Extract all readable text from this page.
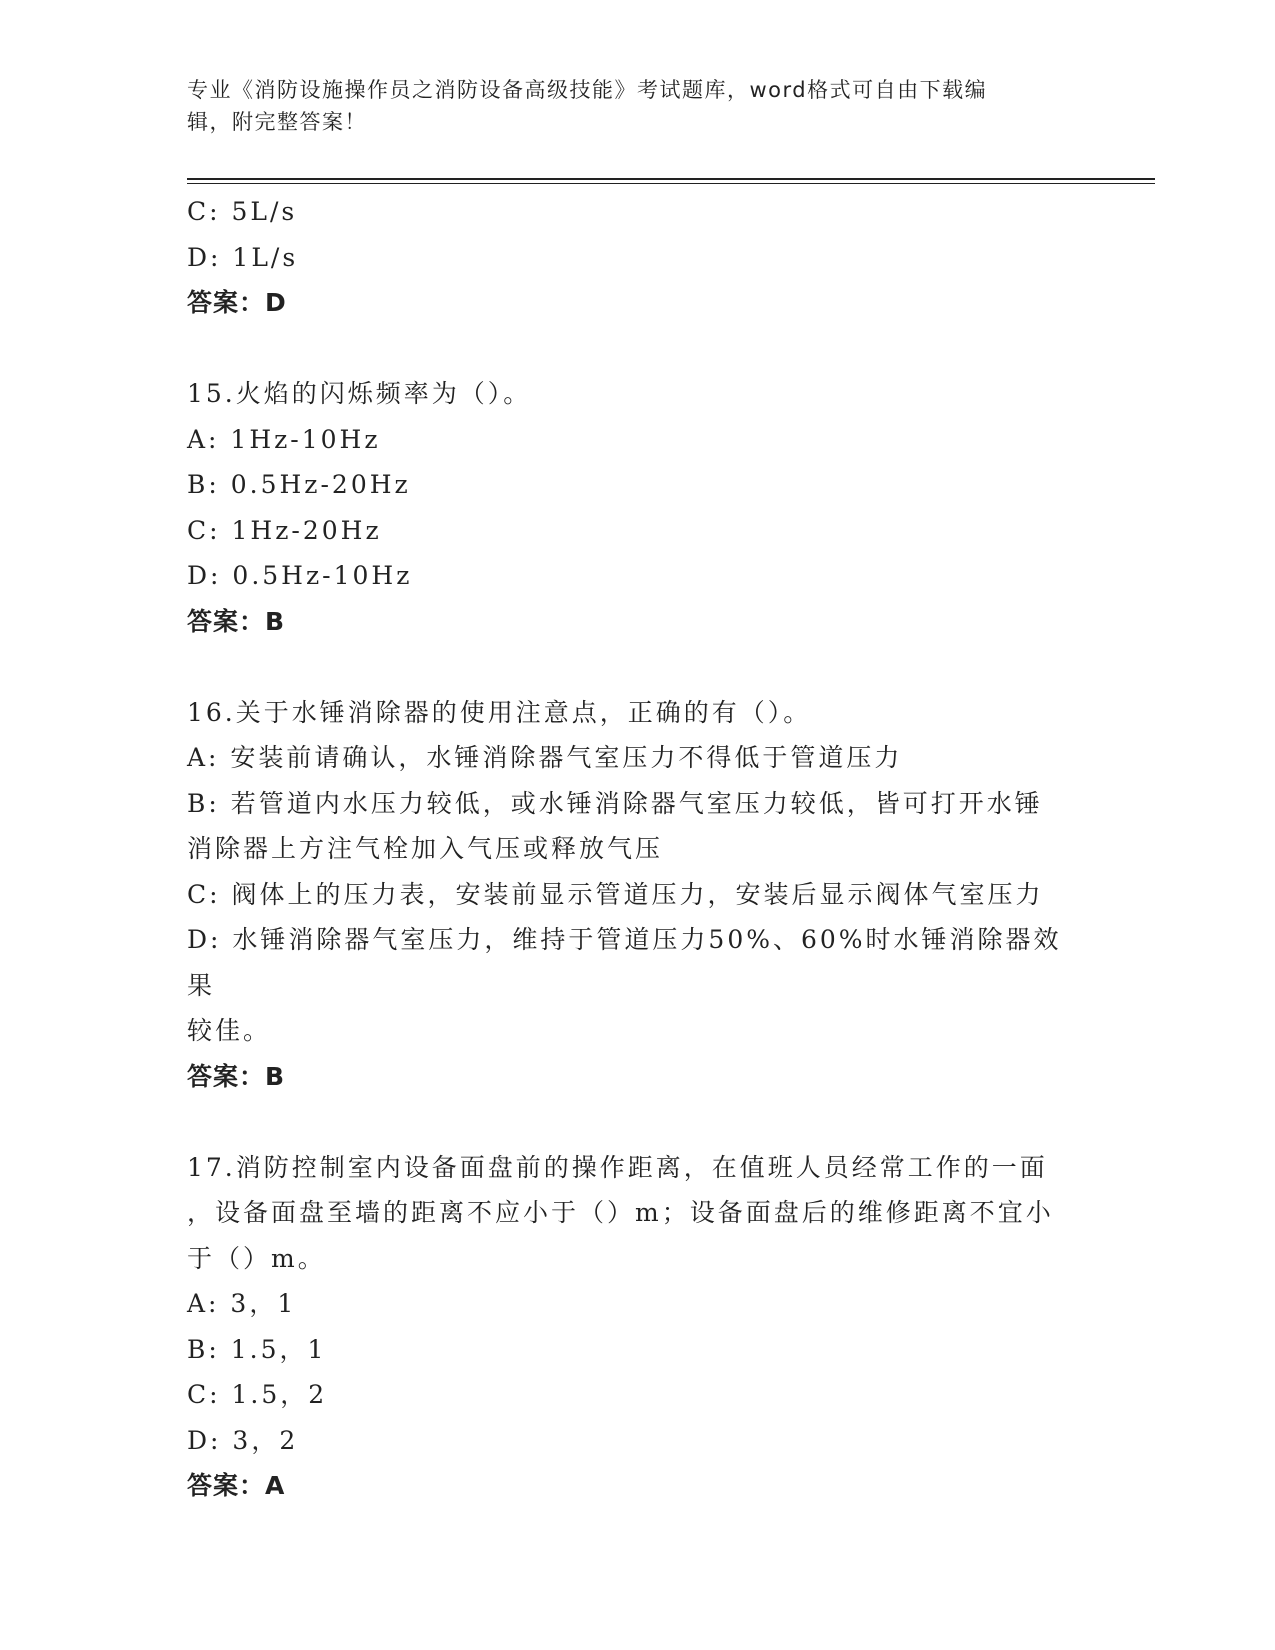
专业《消防设施操作员之消防设备高级技能》考试题库，word格式可自由下载编
辑，附完整答案！

C: 5L/s

D: 1L/s

答案：D

15.火焰的闪烁频率为（）。

A: 1Hz-10Hz

B: 0.5Hz-20Hz

C: 1Hz-20Hz

D: 0.5Hz-10Hz

答案：B

16.关于水锤消除器的使用注意点，正确的有（）。

A: 安装前请确认，水锤消除器气室压力不得低于管道压力

B: 若管道内水压力较低，或水锤消除器气室压力较低，皆可打开水锤

消除器上方注气栓加入气压或释放气压

C: 阀体上的压力表，安装前显示管道压力，安装后显示阀体气室压力

D: 水锤消除器气室压力，维持于管道压力50%、60%时水锤消除器效果

较佳。

答案：B

17.消防控制室内设备面盘前的操作距离，在值班人员经常工作的一面

，设备面盘至墙的距离不应小于（）m；设备面盘后的维修距离不宜小

于（）m。

A: 3，1

B: 1.5，1

C: 1.5，2

D: 3，2

答案：A
